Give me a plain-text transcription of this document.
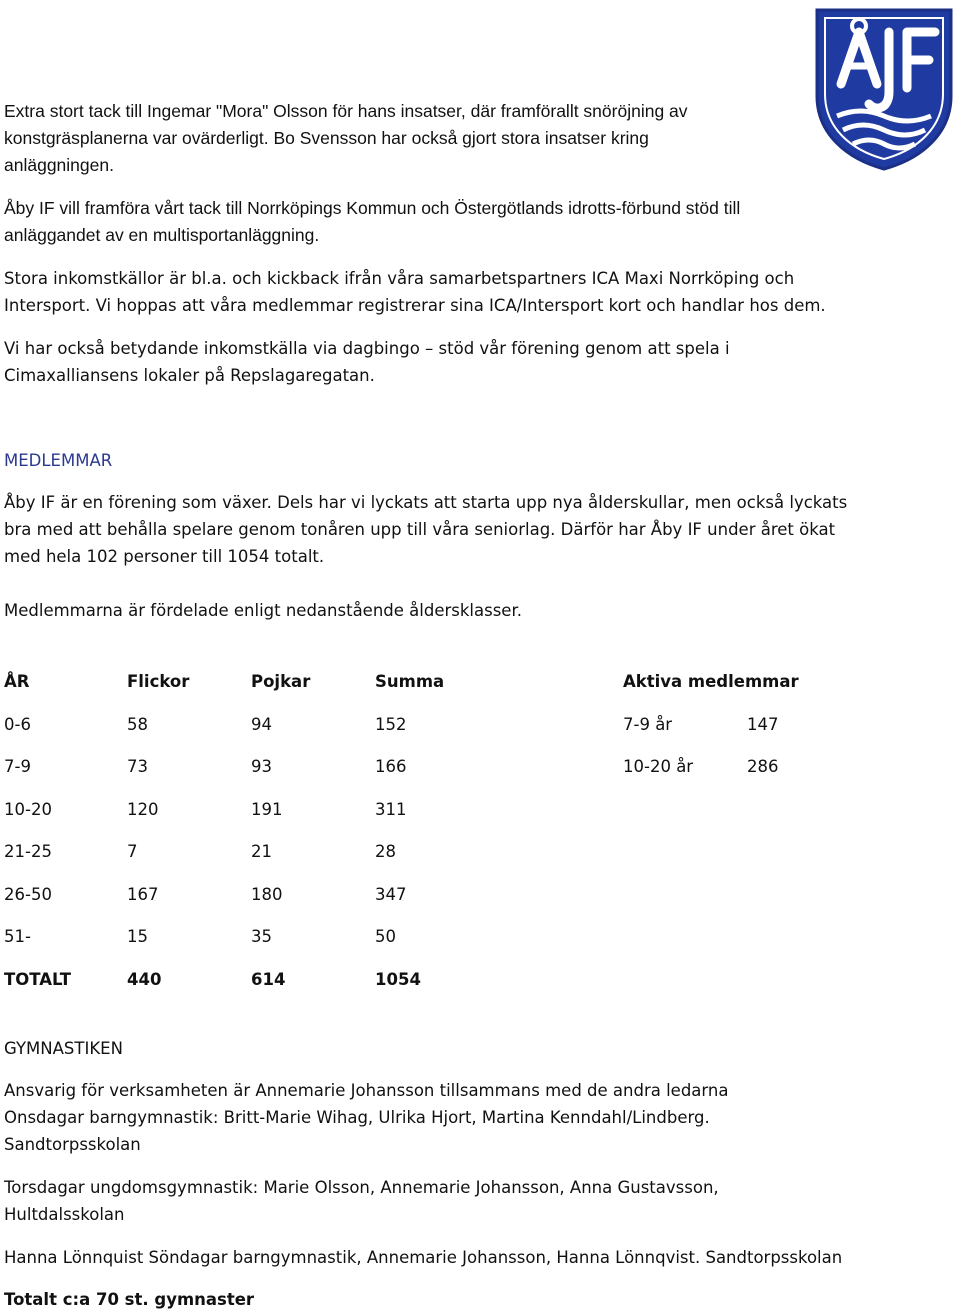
Extra stort tack till Ingemar "Mora" Olsson för hans insatser, där framförallt snöröjning av
konstgräsplanerna var ovärderligt. Bo Svensson har också gjort stora insatser kring
anläggningen.
Åby IF vill framföra vårt tack till Norrköpings Kommun och Östergötlands idrotts-förbund stöd till
anläggandet av en multisportanläggning.
Stora inkomstkällor är bl.a. och kickback ifrån våra samarbetspartners ICA Maxi Norrköping och
Intersport. Vi hoppas att våra medlemmar registrerar sina ICA/Intersport kort och handlar hos dem.
Vi har också betydande inkomstkälla via dagbingo – stöd vår förening genom att spela i
Cimaxalliansens lokaler på Repslagaregatan.
MEDLEMMAR
Åby IF är en förening som växer. Dels har vi lyckats att starta upp nya ålderskullar, men också lyckats
bra med att behålla spelare genom tonåren upp till våra seniorlag. Därför har Åby IF under året ökat
med hela 102 personer till 1054 totalt.
Medlemmarna är fördelade enligt nedanstående åldersklasser.
ÅR	Flickor	Pojkar	Summa	Aktiva medlemmar
0-6	58	94	152	7-9 år	147
7-9	73	93	166	10-20 år	286
10-20	120	191	311
21-25	7	21	28
26-50	167	180	347
51-	15	35	50
TOTALT	440	614	1054
GYMNASTIKEN
Ansvarig för verksamheten är Annemarie Johansson tillsammans med de andra ledarna
Onsdagar barngymnastik: Britt-Marie Wihag, Ulrika Hjort, Martina Kenndahl/Lindberg.
Sandtorpsskolan
Torsdagar ungdomsgymnastik: Marie Olsson, Annemarie Johansson, Anna Gustavsson,
Hultdalsskolan
Hanna Lönnquist Söndagar barngymnastik, Annemarie Johansson, Hanna Lönnqvist. Sandtorpsskolan
Totalt c:a 70 st. gymnaster
